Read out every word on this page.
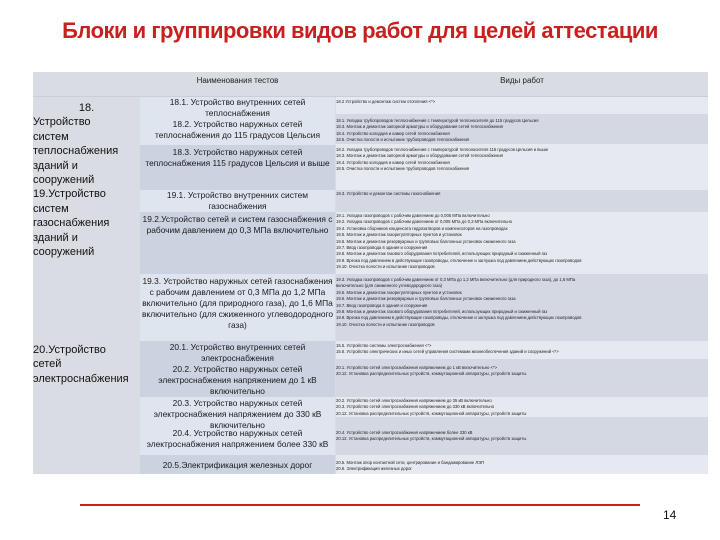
Блоки и группировки видов работ для целей аттестации
Наименования тестов	Виды работ
18.
Устройство
систем
теплоснабжения
зданий и
сооружений
19.Устройство
систем
газоснабжения
зданий и
сооружений
20.Устройство
сетей
электроснабжения
18.1. Устройство внутренних сетей теплоснабжения
18.2. Устройство наружных сетей теплоснабжения до 115 градусов Цельсия
18.3. Устройство наружных сетей теплоснабжения 115 градусов Цельсия и выше
19.1. Устройство внутренних систем газоснабжения
19.2.Устройство сетей и систем газоснабжения с рабочим давлением до 0,3 МПа включительно
19.3. Устройство наружных сетей газоснабжения с рабочим давлением от 0,3 МПа до 1,2 МПа включительно (для природного газа), до 1,6 МПа включительно (для сжиженного углеводородного газа)
20.1. Устройство внутренних сетей электроснабжения
20.2. Устройство наружных сетей электроснабжения напряжением до 1 кВ включительно
20.3. Устройство наружных сетей электроснабжения напряжением до 330 кВ включительно
20.4. Устройство наружных сетей электроснабжения напряжением более 330 кВ
20.5.Электрификация железных дорог
18.2 Устройство и демонтаж систем отопления <*>
18.1. Укладка трубопроводов теплоснабжения с температурой теплоносителя до 115 градусов Цельсия
18.3. Монтаж и демонтаж запорной арматуры и оборудования сетей теплоснабжения
18.4. Устройство колодцев и камер сетей теплоснабжения
18.5. Очистка полости и испытание трубопроводов теплоснабжения
18.2. Укладка трубопроводов теплоснабжения с температурой теплоносителя 115 градусов Цельсия и выше
18.3. Монтаж и демонтаж запорной арматуры и оборудования сетей теплоснабжения
18.4. Устройство колодцев и камер сетей теплоснабжения
18.5. Очистка полости и испытание трубопроводов теплоснабжения
19.3. Устройство и демонтаж системы газоснабжения
19.1. Укладка газопроводов с рабочим давлением до 0,005 МПа включительно
19.2. Укладка газопроводов с рабочим давлением от 0,005 МПа до 0,3 МПа включительно
19.4. Установка сборников конденсата гидрозатворов и компенсаторов на газопроводах
19.5. Монтаж и демонтаж газорегуляторных пунктов и установок
19.6. Монтаж и демонтаж резервуарных и групповых баллонных установок сжиженного газа
19.7. Ввод газопровода в здания и сооружения
19.8. Монтаж и демонтаж газового оборудования потребителей, использующих природный и сжиженный газ
19.9. Врезка под давлением в действующие газопроводы, отключение и заглушка под давлением действующих газопроводов
19.10. Очистка полости и испытание газопроводов
19.3. Укладка газопроводов с рабочим давлением от 0,3 МПа до 1,2 МПа включительно (для природного газа), до 1,6 МПа
включительно (для сжиженного углеводородного газа)
19.5. Монтаж и демонтаж газорегуляторных пунктов и установок
19.6. Монтаж и демонтаж резервуарных и групповых баллонных установок сжиженного газа
19.7. Ввод газопровода в здания и сооружения
19.8. Монтаж и демонтаж газового оборудования потребителей, использующих природный и сжиженный газ
19.9. Врезка под давлением в действующие газопроводы, отключение и заглушка под давлением действующих газопроводов
19.10. Очистка полости и испытание газопроводов
15.5. Устройство системы электроснабжения <*>
15.6. Устройство электрических и иных сетей управления системами жизнеобеспечения зданий и сооружений <*>
20.1. Устройство сетей электроснабжения напряжением до 1 кВ включительно <*>
20.12. Установка распределительных устройств, коммутационной аппаратуры, устройств защиты
20.2. Устройство сетей электроснабжения напряжением до 35 кВ включительно
20.3. Устройство сетей электроснабжения напряжением до 330 кВ включительно
20.12. Установка распределительных устройств, коммутационной аппаратуры, устройств защиты
20.4. Устройство сетей электроснабжения напряжением более 330 кВ
20.12. Установка распределительных устройств, коммутационной аппаратуры, устройств защиты
20.5. Монтаж опор контактной сети, центрирование и бандажирование ЛЭП
20.6. Электрификация железных дорог
14
